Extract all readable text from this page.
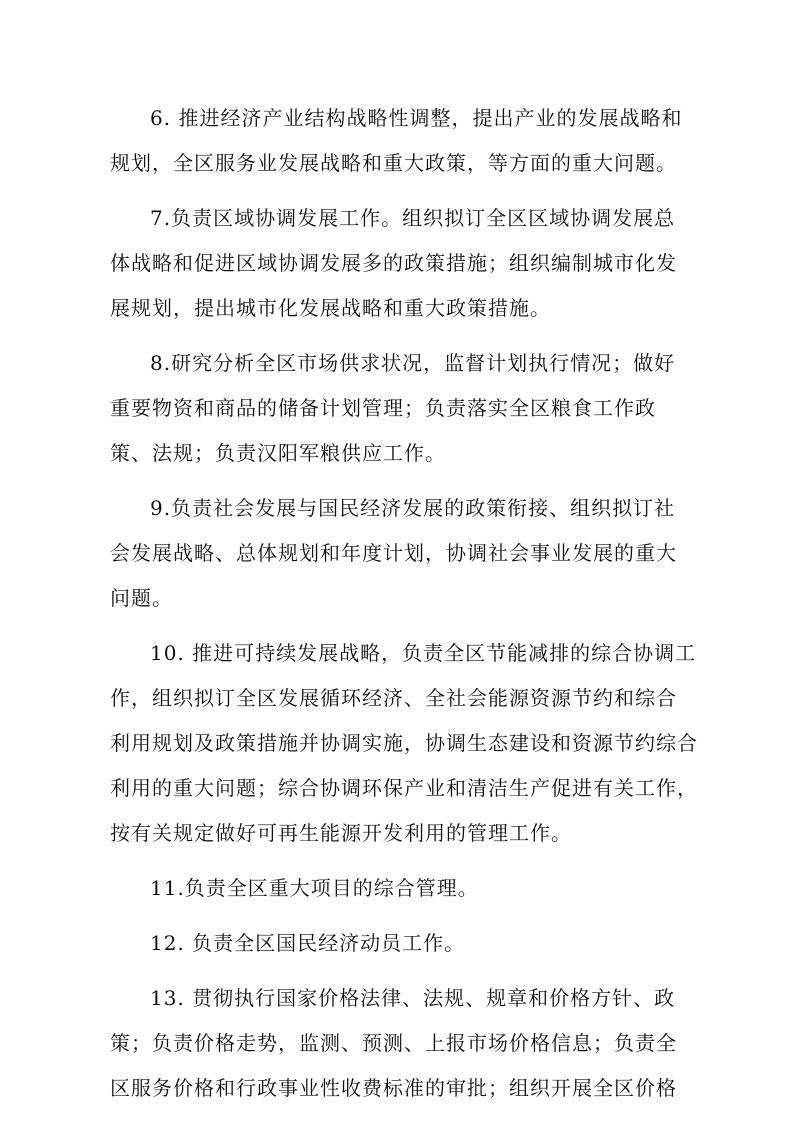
6. 推进经济产业结构战略性调整，提出产业的发展战略和
规划，全区服务业发展战略和重大政策，等方面的重大问题。
7.负责区域协调发展工作。组织拟订全区区域协调发展总
体战略和促进区域协调发展多的政策措施；组织编制城市化发
展规划，提出城市化发展战略和重大政策措施。
8.研究分析全区市场供求状况，监督计划执行情况；做好
重要物资和商品的储备计划管理；负责落实全区粮食工作政
策、法规；负责汉阳军粮供应工作。
9.负责社会发展与国民经济发展的政策衔接、组织拟订社
会发展战略、总体规划和年度计划，协调社会事业发展的重大
问题。
10. 推进可持续发展战略，负责全区节能减排的综合协调工
作，组织拟订全区发展循环经济、全社会能源资源节约和综合
利用规划及政策措施并协调实施，协调生态建设和资源节约综合
利用的重大问题；综合协调环保产业和清洁生产促进有关工作，
按有关规定做好可再生能源开发利用的管理工作。
11.负责全区重大项目的综合管理。
12. 负责全区国民经济动员工作。
13. 贯彻执行国家价格法律、法规、规章和价格方针、政
策；负责价格走势，监测、预测、上报市场价格信息；负责全
区服务价格和行政事业性收费标准的审批；组织开展全区价格
